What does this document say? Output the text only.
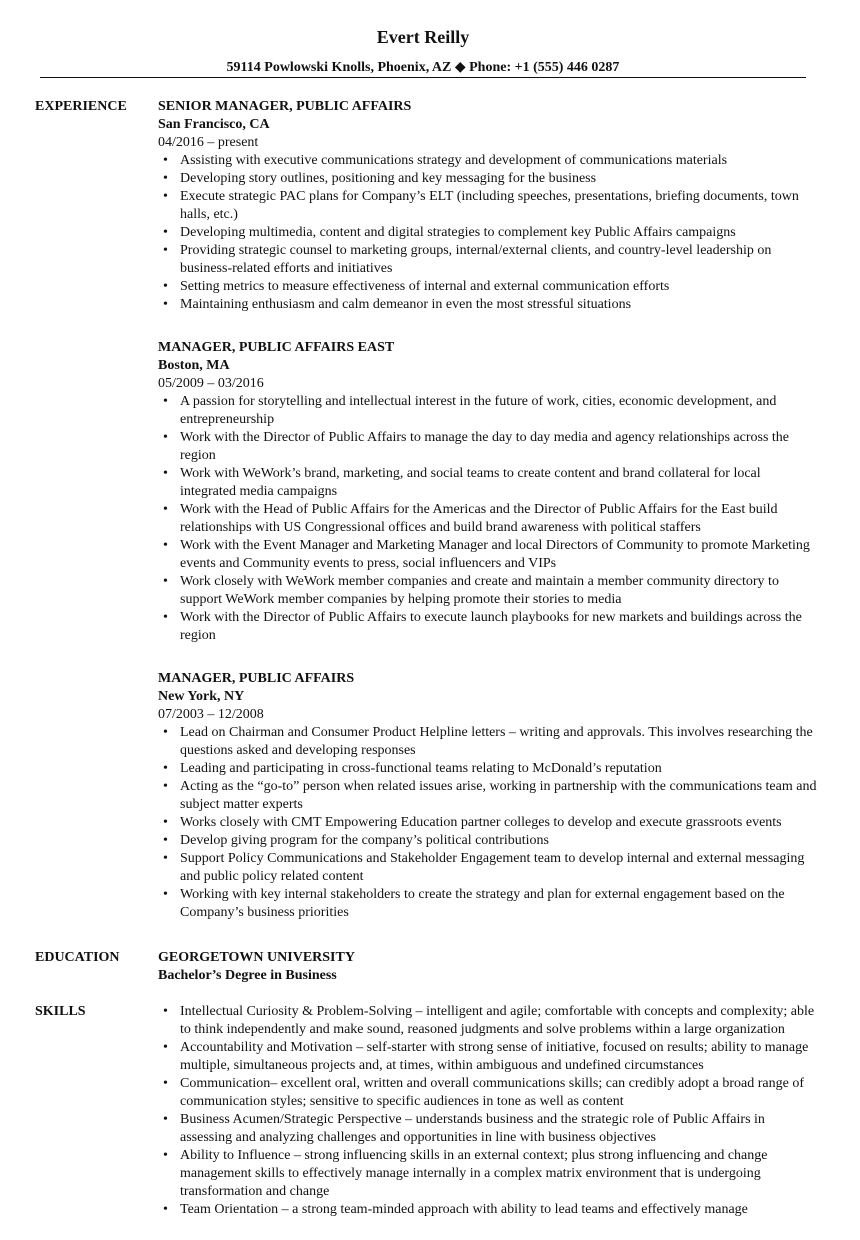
Evert Reilly
59114 Powlowski Knolls, Phoenix, AZ ◆ Phone: +1 (555) 446 0287
EXPERIENCE SENIOR MANAGER, PUBLIC AFFAIRS
San Francisco, CA
04/2016 – present
• Assisting with executive communications strategy and development of communications materials
• Developing story outlines, positioning and key messaging for the business
• Execute strategic PAC plans for Company’s ELT (including speeches, presentations, briefing documents, town halls, etc.)
• Developing multimedia, content and digital strategies to complement key Public Affairs campaigns
• Providing strategic counsel to marketing groups, internal/external clients, and country-level leadership on business-related efforts and initiatives
• Setting metrics to measure effectiveness of internal and external communication efforts
• Maintaining enthusiasm and calm demeanor in even the most stressful situations
MANAGER, PUBLIC AFFAIRS EAST
Boston, MA
05/2009 – 03/2016
• A passion for storytelling and intellectual interest in the future of work, cities, economic development, and entrepreneurship
• Work with the Director of Public Affairs to manage the day to day media and agency relationships across the region
• Work with WeWork’s brand, marketing, and social teams to create content and brand collateral for local integrated media campaigns
• Work with the Head of Public Affairs for the Americas and the Director of Public Affairs for the East build relationships with US Congressional offices and build brand awareness with political staffers
• Work with the Event Manager and Marketing Manager and local Directors of Community to promote Marketing events and Community events to press, social influencers and VIPs
• Work closely with WeWork member companies and create and maintain a member community directory to support WeWork member companies by helping promote their stories to media
• Work with the Director of Public Affairs to execute launch playbooks for new markets and buildings across the region
MANAGER, PUBLIC AFFAIRS
New York, NY
07/2003 – 12/2008
• Lead on Chairman and Consumer Product Helpline letters – writing and approvals. This involves researching the questions asked and developing responses
• Leading and participating in cross-functional teams relating to McDonald’s reputation
• Acting as the “go-to” person when related issues arise, working in partnership with the communications team and subject matter experts
• Works closely with CMT Empowering Education partner colleges to develop and execute grassroots events
• Develop giving program for the company’s political contributions
• Support Policy Communications and Stakeholder Engagement team to develop internal and external messaging and public policy related content
• Working with key internal stakeholders to create the strategy and plan for external engagement based on the Company’s business priorities
EDUCATION	GEORGETOWN UNIVERSITY
Bachelor’s Degree in Business
SKILLS
•	Intellectual Curiosity & Problem-Solving – intelligent and agile; comfortable with concepts and complexity; able to think independently and make sound, reasoned judgments and solve problems within a large organization
• Accountability and Motivation – self-starter with strong sense of initiative, focused on results; ability to manage multiple, simultaneous projects and, at times, within ambiguous and undefined circumstances
• Communication– excellent oral, written and overall communications skills; can credibly adopt a broad range of communication styles; sensitive to specific audiences in tone as well as content
• Business Acumen/Strategic Perspective – understands business and the strategic role of Public Affairs in assessing and analyzing challenges and opportunities in line with business objectives
• Ability to Influence – strong influencing skills in an external context; plus strong influencing and change management skills to effectively manage internally in a complex matrix environment that is undergoing transformation and change
• Team Orientation – a strong team-minded approach with ability to lead teams and effectively manage
